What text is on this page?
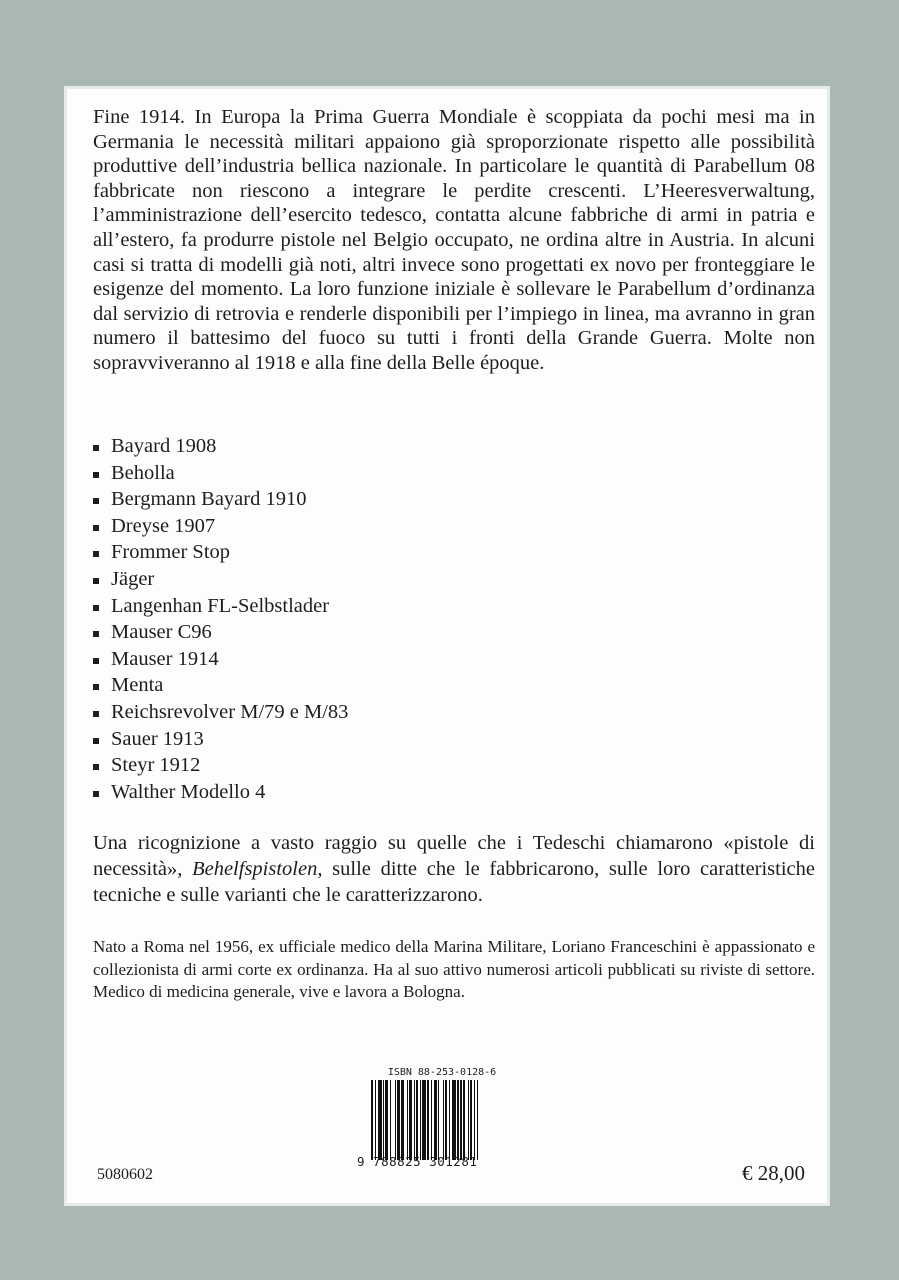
Fine 1914. In Europa la Prima Guerra Mondiale è scoppiata da pochi mesi ma in Germania le necessità militari appaiono già sproporzionate rispetto alle possibilità produttive dell’industria bellica nazionale. In particolare le quantità di Parabellum 08 fabbricate non riescono a integrare le perdite crescenti. L’Heeresverwaltung, l’amministrazione dell’esercito tedesco, contatta alcune fabbriche di armi in patria e all’estero, fa produrre pistole nel Belgio occupato, ne ordina altre in Austria. In alcuni casi si tratta di modelli già noti, altri invece sono progettati ex novo per fronteggiare le esigenze del momento. La loro funzione iniziale è sollevare le Parabellum d’ordinanza dal servizio di retrovia e renderle disponibili per l’impiego in linea, ma avranno in gran numero il battesimo del fuoco su tutti i fronti della Grande Guerra. Molte non sopravviveranno al 1918 e alla fine della Belle époque.

Bayard 1908
Beholla
Bergmann Bayard 1910
Dreyse 1907
Frommer Stop
Jäger
Langenhan FL-Selbstlader
Mauser C96
Mauser 1914
Menta
Reichsrevolver M/79 e M/83
Sauer 1913
Steyr 1912
Walther Modello 4

Una ricognizione a vasto raggio su quelle che i Tedeschi chiamarono «pistole di necessità», Behelfspistolen, sulle ditte che le fabbricarono, sulle loro caratteristiche tecniche e sulle varianti che le caratterizzarono.

Nato a Roma nel 1956, ex ufficiale medico della Marina Militare, Loriano Franceschini è appassionato e collezionista di armi corte ex ordinanza. Ha al suo attivo numerosi articoli pubblicati su riviste di settore. Medico di medicina generale, vive e lavora a Bologna.

ISBN 88-253-0128-6
9 788825 301281
5080602	€ 28,00
